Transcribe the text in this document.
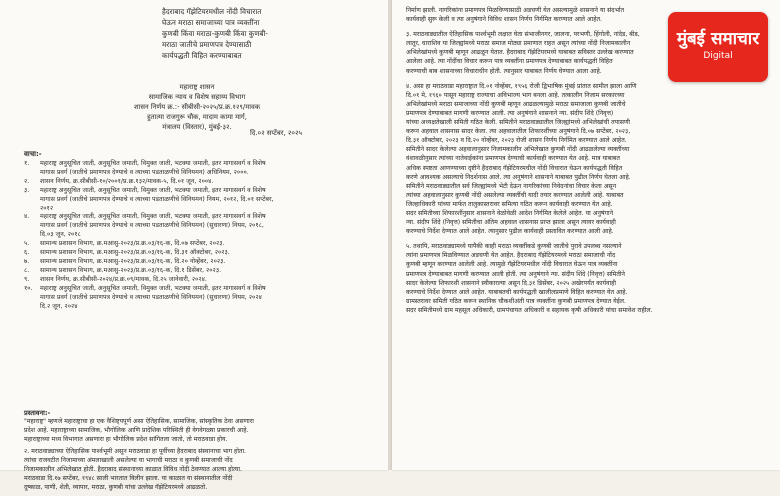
हैदराबाद गॅझेटियरमधील नोंदी विचारात
घेऊन मराठा समाजाच्या पात्र व्यक्तींना
कुणबी किंवा मराठा-कुणबी किंवा कुणबी-
मराठा जातीचे प्रमाणपत्र देण्यासाठी
कार्यपद्धती विहित करण्याबाबत
महाराष्ट्र शासन
सामाजिक न्याय व विशेष सहाय्य विभाग
शासन निर्णय क्र.:- सीबीसी-२०२५/प्र.क्र.१२९/मावक
हुतात्मा राजगुरू चौक, मादाम कामा मार्ग,
मंत्रालय (विस्तार), मुंबई-३२.
दि.०२ सप्टेंबर, २०२५
वाचा:-
१. महाराष्ट्र अनुसूचित जाती, अनुसूचित जमाती, विमुक्त जाती, भटक्या जमाती, इतर मागासवर्ग व विशेष
मागास प्रवर्ग (जातीचे प्रमाणपत्र देण्याचे व त्याच्या पडताळणीचे विनियमन) अधिनियम, २०००.
२. शासन निर्णय, क्र.सीबीसी-१०/२००१/प्र.क्र.१३२/मावक-५, दि.०१ जून, २००४.
३. महाराष्ट्र अनुसूचित जाती, अनुसूचित जमाती, विमुक्त जाती, भटक्या जमाती, इतर मागासवर्ग व विशेष
मागास प्रवर्ग (जातीचे प्रमाणपत्र देण्याचे व त्याच्या पडताळणीचे विनियमन) नियम, २०१२, दि.०१ सप्टेंबर,
२०१२
४. महाराष्ट्र अनुसूचित जाती, अनुसूचित जमाती, विमुक्त जाती, भटक्या जमाती, इतर मागासवर्ग व विशेष
मागास प्रवर्ग (जातीचे प्रमाणपत्र देण्याचे व त्याच्या पडताळणीचे विनियमन) (सुधारणा) नियम, २०१८,
दि.०३ जून, २०१८
५. सामान्य प्रशासन विभाग, क्र.मआसु-२०२३/प्र.क्र.०३/१६-क, दि.०७ सप्टेंबर, २०२३.
६. सामान्य प्रशासन विभाग, क्र.मआसु-२०२३/प्र.क्र.०३/१६-क, दि.३१ ऑक्टोबर, २०२३.
७. सामान्य प्रशासन विभाग, क्र.मआसु-२०२३/प्र.क्र.०३/१६-क, दि.२० नोव्हेंबर, २०२३.
८. सामान्य प्रशासन विभाग, क्र.मआसु-२०२३/प्र.क्र.०३/१६-क, दि.१ डिसेंबर, २०२३.
९. शासन निर्णय, क्र.सीबीसी-२०२४/प्र.क्र.०९/मावक, दि.२५ जानेवारी, २०२४.
१०. महाराष्ट्र अनुसूचित जाती, अनुसूचित जमाती, विमुक्त जाती, भटक्या जमाती, इतर मागासवर्ग व विशेष
मागास प्रवर्ग (जातीचे प्रमाणपत्र देण्याचे व त्याच्या पडताळणीचे विनियमन) (सुधारणा) नियम, २०२४
दि.२ जून, २०२४
प्रस्तावना:-
"महाराष्ट्र" म्हणजे महाराष्ट्राचा हा एक वैशिष्ट्यपूर्ण असा ऐतिहासिक, सामाजिक, सांस्कृतिक ठेवा असणारा
प्रदेश आहे. महाराष्ट्राच्या सामाजिक, भौगोलिक आणि प्रादेशिक परिस्थिती ही वेगवेगळ्या प्रकारची आहे.
महाराष्ट्राच्या मध्य विभागात असणारा हा भौगोलिक प्रदेश सांगितला जातो, तो मराठवाडा होय.
२. मराठवाड्याच्या ऐतिहासिक पार्श्वभूमी असून मराठवाडा हा पूर्वीच्या हैदराबाद संस्थानाचा भाग होता.
त्यांचा राजवटीत निजामाच्या अंमलाखाली असलेल्या या भागाची मराठा व कुणबी समाजाची नोंद
निजामकालीन अभिलेखात होती. हैदराबाद संस्थानाच्या काळात विविध नोंदी ठेवण्यात आल्या होत्या.
मराठवाडा दि.१७ सप्टेंबर, १९४८ साली भारतात विलीन झाला. या काळात या संस्थानातील नोंदी
दुष्काळ, पाणी, शेती, व्यापार, मराठा, कुणबी यांचा उल्लेख गॅझेटियरमध्ये आढळतो.
निर्माण झाली. नागरिकांना प्रमाणपत्र मिळविण्यासाठी अडचणी येत असल्यामुळे शासनाने या संदर्भात
कार्यवाही सुरू केली व त्या अनुषंगाने विविध शासन निर्णय निर्गमित करण्यात आले आहेत.
३. मराठवाड्यातील ऐतिहासिक पार्श्वभूमी लक्षात घेता संभाजीनगर, जालना, परभणी, हिंगोली, नांदेड, बीड,
लातूर, धाराशिव या जिल्ह्यांमध्ये मराठा समाज मोठ्या प्रमाणात राहत असून त्यांच्या नोंदी निजामकालीन
अभिलेखांमध्ये कुणबी म्हणून आढळून येतात. हैदराबाद गॅझेटियरमध्ये याबाबत सविस्तर उल्लेख करण्यात
आलेला आहे. त्या नोंदींचा विचार करून पात्र व्यक्तींना प्रमाणपत्र देण्याबाबत कार्यपद्धती विहित
करण्याची बाब शासनाच्या विचाराधीन होती. त्यानुसार याबाबत निर्णय घेण्यात आला आहे.
४. असा हा मराठवाडा महाराष्ट्रात दि.०१ नोव्हेंबर, १९५६ रोजी द्विभाषिक मुंबई प्रांतात सामील झाला आणि
दि.०१ मे, १९६० पासून महाराष्ट्र राज्याचा अविभाज्य भाग बनला आहे. तत्कालीन निजाम सरकारच्या
अभिलेखांमध्ये मराठा समाजाच्या नोंदी कुणबी म्हणून आढळल्यामुळे मराठा समाजाला कुणबी जातीचे
प्रमाणपत्र देण्याबाबत मागणी करण्यात आली. त्या अनुषंगाने शासनाने न्या. संदीप शिंदे (निवृत्त)
यांच्या अध्यक्षतेखाली समिती गठित केली. समितीने मराठवाड्यातील जिल्ह्यांमध्ये अभिलेखांची तपासणी
करून अहवाल शासनास सादर केला. त्या अहवालातील शिफारशींच्या अनुषंगाने दि.०७ सप्टेंबर, २०२३,
दि.३१ ऑक्टोबर, २०२३ व दि.२० नोव्हेंबर, २०२३ रोजी शासन निर्णय निर्गमित करण्यात आले आहेत.
समितीने सादर केलेल्या अहवालानुसार निजामकालीन अभिलेखात कुणबी नोंदी आढळलेल्या व्यक्तींच्या
वंशावळीनुसार त्यांच्या नातेवाईकांना प्रमाणपत्र देण्याची कार्यवाही करण्यात येत आहे. मात्र याबाबत
अधिक स्पष्टता आणण्याच्या दृष्टीने हैदराबाद गॅझेटियरमधील नोंदी विचारात घेऊन कार्यपद्धती विहित
करणे आवश्यक असल्याचे निदर्शनास आले. त्या अनुषंगाने शासनाने याबाबत पुढील निर्णय घेतला आहे.
समितीने मराठवाड्यातील सर्व जिल्ह्यांमध्ये भेटी देऊन नागरिकांच्या निवेदनांचा विचार केला असून
त्यांच्या अहवालानुसार कुणबी नोंदी असलेल्या व्यक्तींची यादी तयार करण्यात आलेली आहे. याबाबत
जिल्हाधिकारी यांच्या मार्फत तालुकास्तरावर समित्या गठित करून कार्यवाही करण्यात येत आहे.
सदर समितीच्या शिफारशींनुसार शासनाने वेळोवेळी आदेश निर्गमित केलेले आहेत. या अनुषंगाने
न्या. संदीप शिंदे (निवृत्त) समितीचा अंतिम अहवाल शासनास प्राप्त झाला असून त्यावर कार्यवाही
करण्याचे निर्देश देण्यात आले आहेत. त्यानुसार पुढील कार्यवाही प्रस्तावित करण्यात आली आहे.
५. तथापि, मराठवाड्यामध्ये यापैकी काही मराठा व्यक्तींकडे कुणबी जातीचे पुरावे उपलब्ध नसल्याने
त्यांना प्रमाणपत्र मिळविण्यात अडचणी येत आहेत. हैदराबाद गॅझेटियरमध्ये मराठा समाजाची नोंद
कुणबी म्हणून करण्यात आलेली आहे. त्यामुळे गॅझेटियरमधील नोंदी विचारात घेऊन पात्र व्यक्तींना
प्रमाणपत्र देण्याबाबत मागणी करण्यात आली होती. त्या अनुषंगाने न्या. संदीप शिंदे (निवृत्त) समितीने
सादर केलेल्या शिफारशी शासनाने स्वीकारल्या असून दि.३१ डिसेंबर, २०२५ अखेरपर्यंत कार्यवाही
करण्याचे निर्देश देण्यात आले आहेत. याबाबतची कार्यपद्धती खालीलप्रमाणे विहित करण्यात येत आहे.
ग्रामस्तरावर समिती गठित करून स्थानिक चौकशीअंती पात्र व्यक्तींना कुणबी प्रमाणपत्र देण्यात येईल.
सदर समितीमध्ये ग्राम महसूल अधिकारी, ग्रामपंचायत अधिकारी व सहायक कृषी अधिकारी यांचा समावेश राहील.
मुंबई समाचार
Digital
